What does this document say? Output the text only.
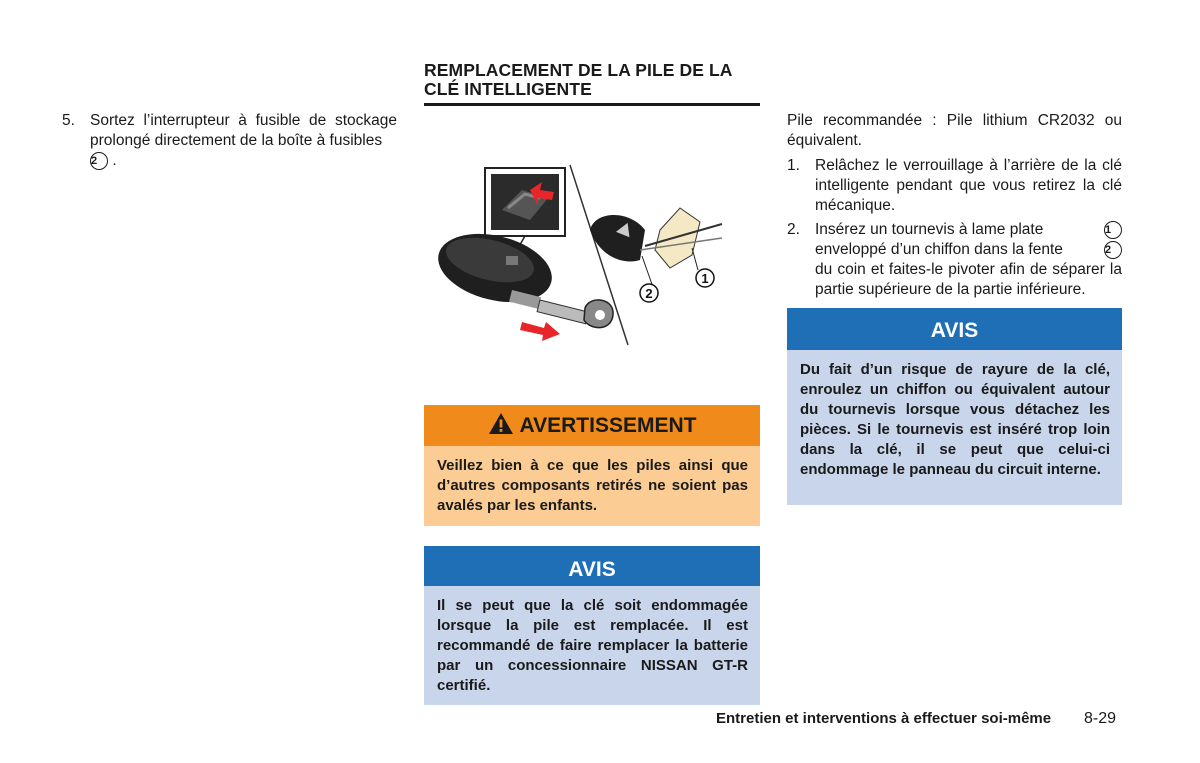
5. Sortez l’interrupteur à fusible de stockage prolongé directement de la boîte à fusibles
2 .
REMPLACEMENT DE LA PILE DE LA
CLÉ INTELLIGENTE
2
1
AVERTISSEMENT
Veillez bien à ce que les piles ainsi que d’autres composants retirés ne soient pas avalés par les enfants.
AVIS
Il se peut que la clé soit endommagée lorsque la pile est remplacée. Il est recommandé de faire remplacer la batterie par un concessionnaire NISSAN GT-R certifié.
Pile recommandée : Pile lithium CR2032 ou équivalent.
1. Relâchez le verrouillage à l’arrière de la clé intelligente pendant que vous retirez la clé mécanique.
2. Insérez un tournevis à lame plate	1
enveloppé d’un chiffon dans la fente	2
du coin et faites-le pivoter afin de séparer la partie supérieure de la partie inférieure.
AVIS
Du fait d’un risque de rayure de la clé, enroulez un chiffon ou équivalent autour du tournevis lorsque vous détachez les pièces. Si le tournevis est inséré trop loin dans la clé, il se peut que celui-ci endommage le panneau du circuit interne.
Entretien et interventions à effectuer soi-même 8-29
